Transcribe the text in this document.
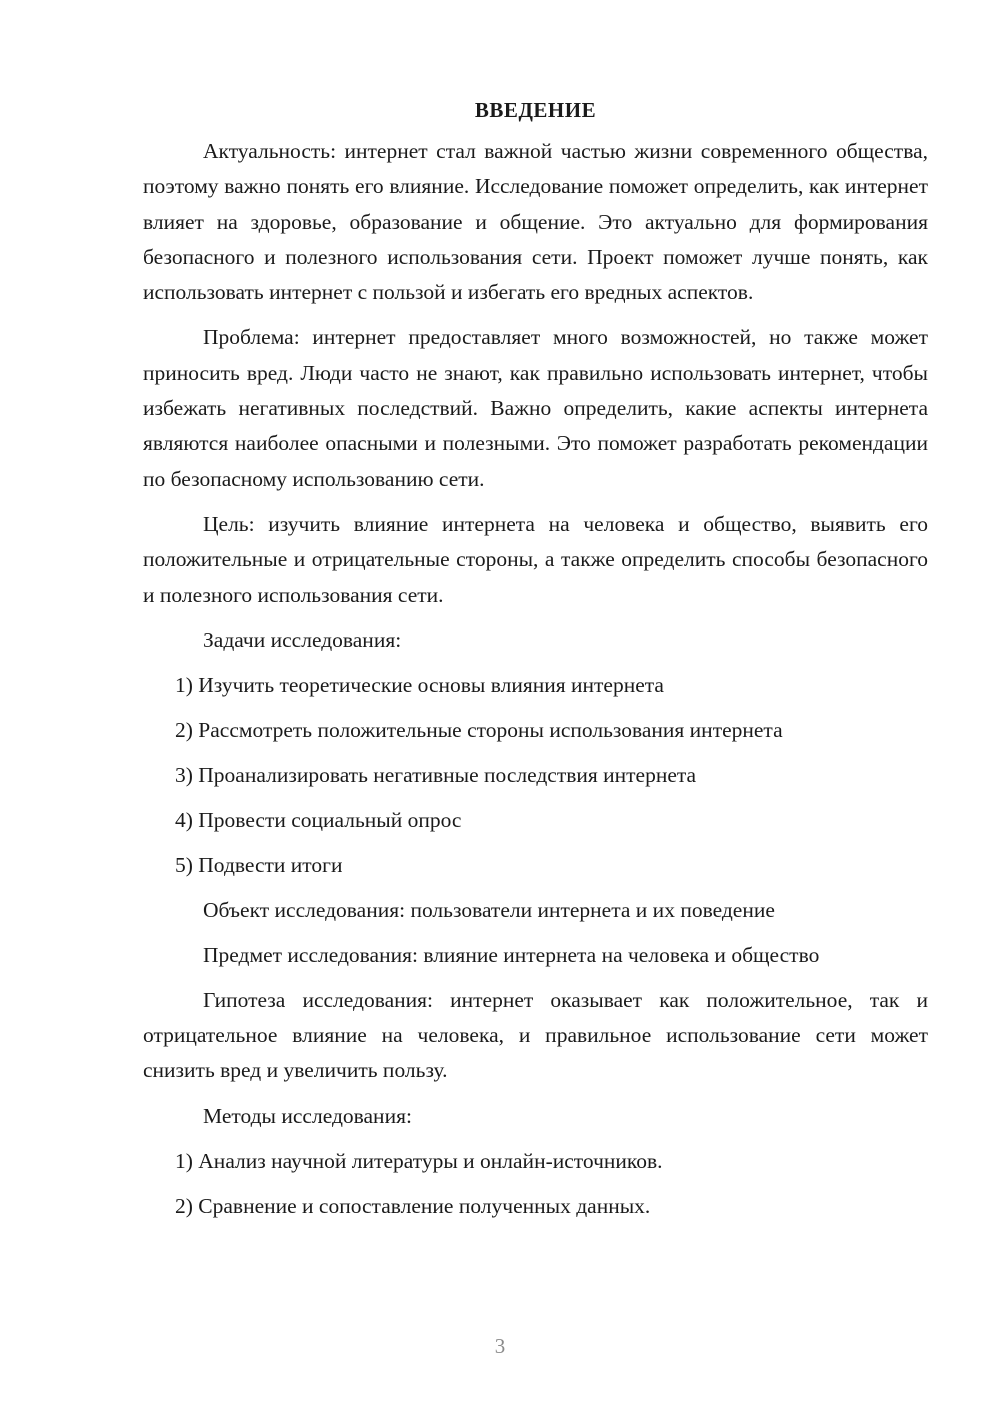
ВВЕДЕНИЕ

Актуальность: интернет стал важной частью жизни современного общества, поэтому важно понять его влияние. Исследование поможет определить, как интернет влияет на здоровье, образование и общение. Это актуально для формирования безопасного и полезного использования сети. Проект поможет лучше понять, как использовать интернет с пользой и избегать его вредных аспектов.

Проблема: интернет предоставляет много возможностей, но также может приносить вред. Люди часто не знают, как правильно использовать интернет, чтобы избежать негативных последствий. Важно определить, какие аспекты интернета являются наиболее опасными и полезными. Это поможет разработать рекомендации по безопасному использованию сети.

Цель: изучить влияние интернета на человека и общество, выявить его положительные и отрицательные стороны, а также определить способы безопасного и полезного использования сети.

Задачи исследования:
1) Изучить теоретические основы влияния интернета
2) Рассмотреть положительные стороны использования интернета
3) Проанализировать негативные последствия интернета
4) Провести социальный опрос
5) Подвести итоги
Объект исследования: пользователи интернета и их поведение
Предмет исследования: влияние интернета на человека и общество

Гипотеза исследования: интернет оказывает как положительное, так и отрицательное влияние на человека, и правильное использование сети может снизить вред и увеличить пользу.

Методы исследования:
1) Анализ научной литературы и онлайн-источников.
2) Сравнение и сопоставление полученных данных.
3
